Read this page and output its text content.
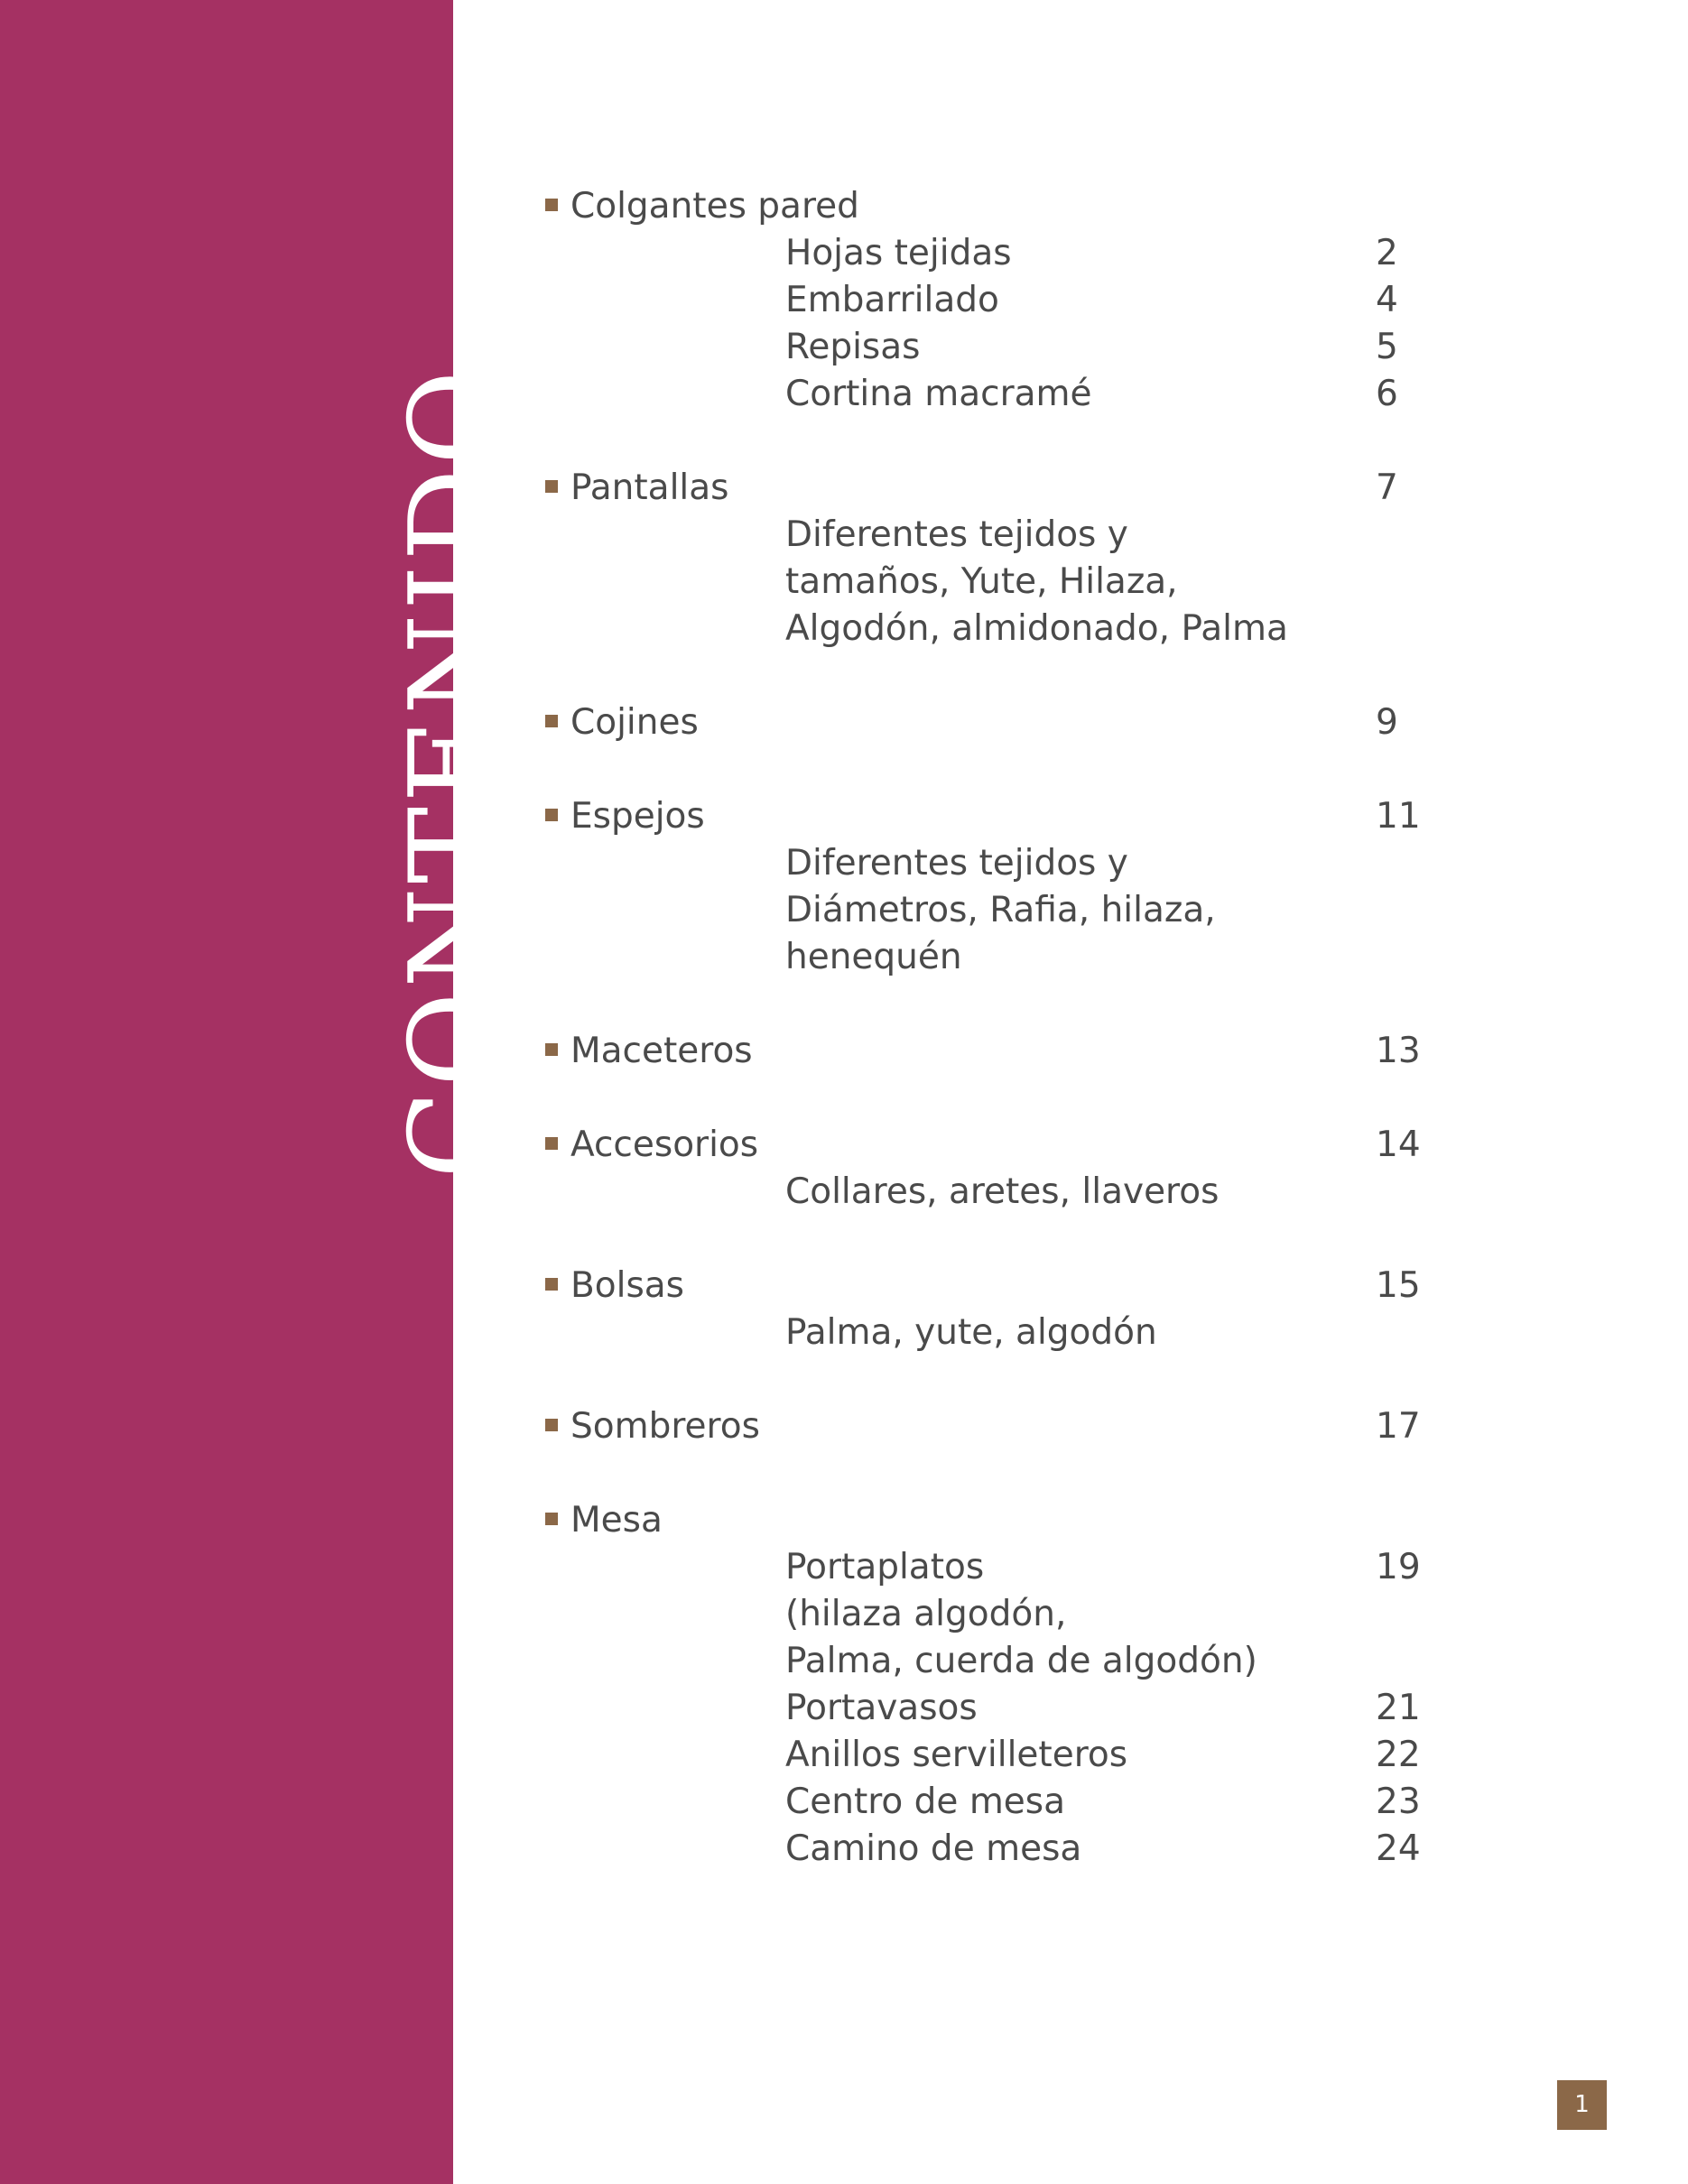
CONTENIDO
Colgantes pared
Hojas tejidas	2
Embarrilado	4
Repisas	5
Cortina macramé	6
Pantallas	7
Diferentes tejidos y
tamaños, Yute, Hilaza,
Algodón, almidonado, Palma
Cojines	9
Espejos	11
Diferentes tejidos y
Diámetros, Rafia, hilaza,
henequén
Maceteros	13
Accesorios	14
Collares, aretes, llaveros
Bolsas	15
Palma, yute, algodón
Sombreros	17
Mesa
Portaplatos	19
(hilaza algodón,
Palma, cuerda de algodón)
Portavasos	21
Anillos servilleteros	22
Centro de mesa	23
Camino de mesa	24
1
